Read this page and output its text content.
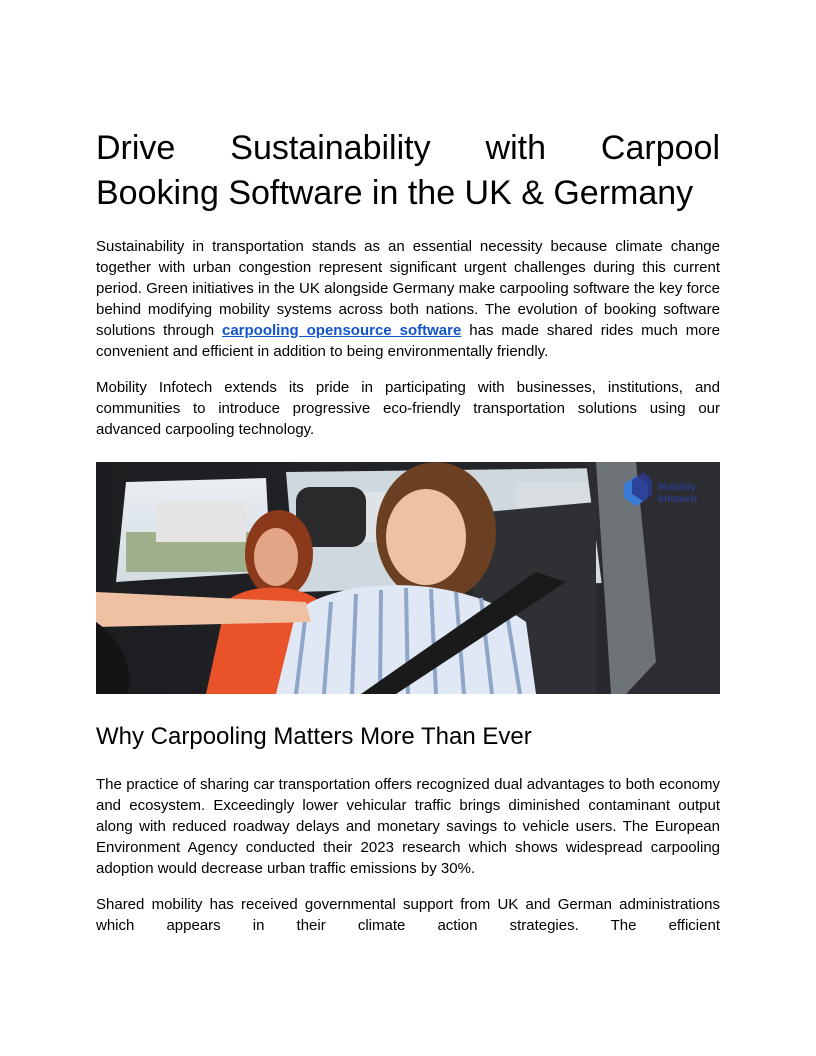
Drive Sustainability with Carpool
Booking Software in the UK & Germany

Sustainability in transportation stands as an essential necessity because climate change together with urban congestion represent significant urgent challenges during this current period. Green initiatives in the UK alongside Germany make carpooling software the key force behind modifying mobility systems across both nations. The evolution of booking software solutions through carpooling opensource software has made shared rides much more convenient and efficient in addition to being environmentally friendly.

Mobility Infotech extends its pride in participating with businesses, institutions, and communities to introduce progressive eco-friendly transportation solutions using our advanced carpooling technology.

Mobility
Infotech
Why Carpooling Matters More Than Ever

The practice of sharing car transportation offers recognized dual advantages to both economy and ecosystem. Exceedingly lower vehicular traffic brings diminished contaminant output along with reduced roadway delays and monetary savings to vehicle users. The European Environment Agency conducted their 2023 research which shows widespread carpooling adoption would decrease urban traffic emissions by 30%.

Shared mobility has received governmental support from UK and German administrations which appears in their climate action strategies. The efficient
